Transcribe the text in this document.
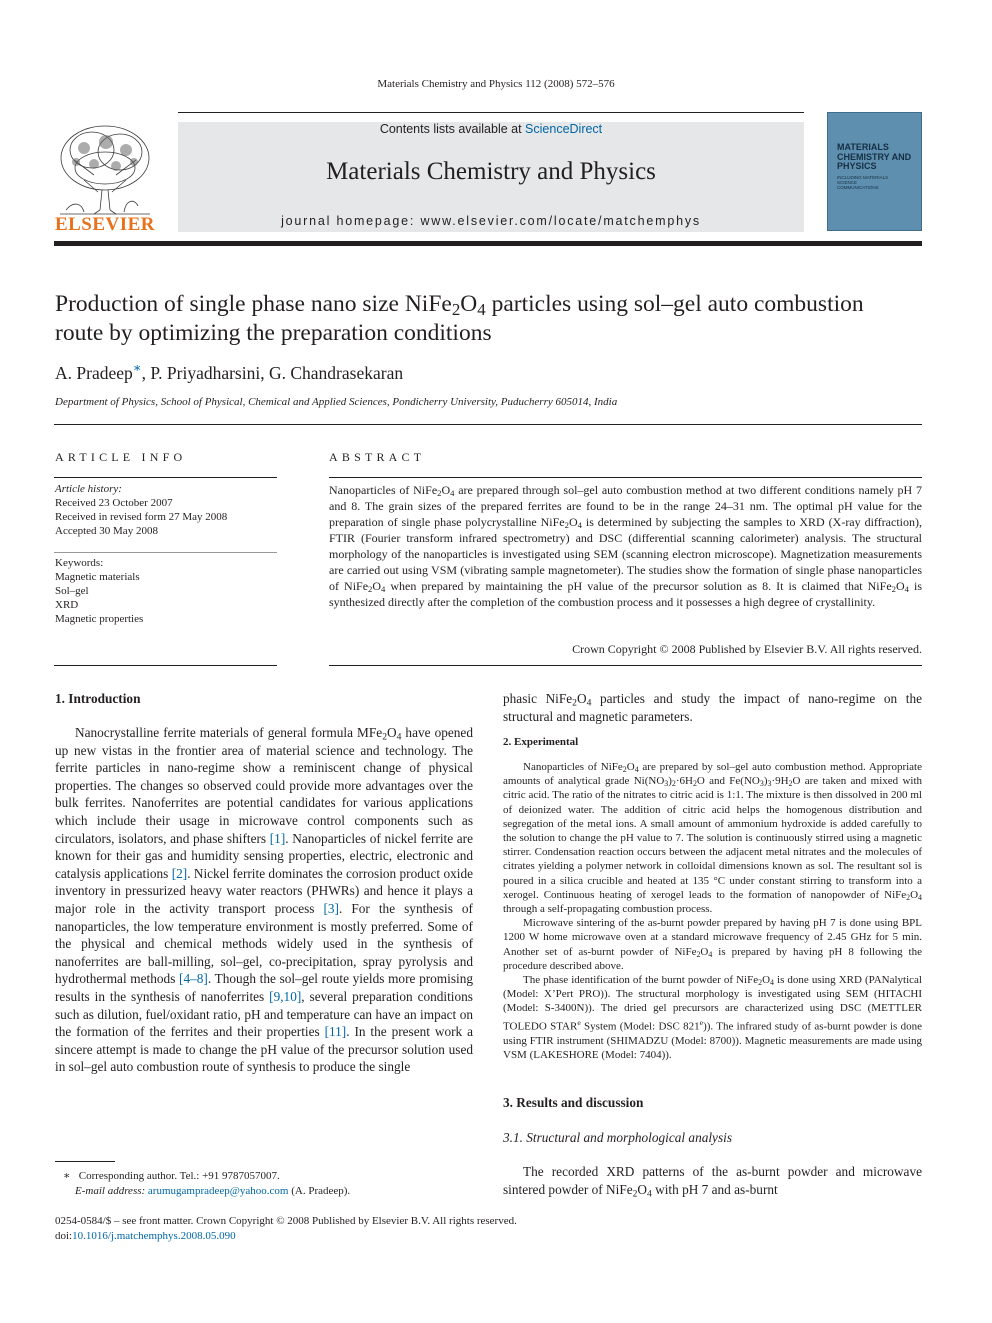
Materials Chemistry and Physics 112 (2008) 572–576
ELSEVIER
Contents lists available at ScienceDirect
Materials Chemistry and Physics
journal homepage: www.elsevier.com/locate/matchemphys
MATERIALS CHEMISTRY AND PHYSICS
INCLUDING MATERIALS SCIENCE COMMUNICATIONS
Production of single phase nano size $NiFe_2O_4$ particles using sol–gel auto combustion route by optimizing the preparation conditions
A. Pradeep∗, P. Priyadharsini, G. Chandrasekaran
Department of Physics, School of Physical, Chemical and Applied Sciences, Pondicherry University, Puducherry 605014, India
ARTICLE INFO	ABSTRACT
Article history:
Received 23 October 2007
Received in revised form 27 May 2008
Accepted 30 May 2008
Keywords:
Magnetic materials
Sol–gel
XRD
Magnetic properties
Nanoparticles of $NiFe_2O_4$ are prepared through sol–gel auto combustion method at two different conditions namely pH 7 and 8. The grain sizes of the prepared ferrites are found to be in the range 24–31 nm. The optimal pH value for the preparation of single phase polycrystalline $NiFe_2O_4$ is determined by subjecting the samples to XRD (X-ray diffraction), FTIR (Fourier transform infrared spectrometry) and DSC (differential scanning calorimeter) analysis. The structural morphology of the nanoparticles is investigated using SEM (scanning electron microscope). Magnetization measurements are carried out using VSM (vibrating sample magnetometer). The studies show the formation of single phase nanoparticles of $NiFe_2O_4$ when prepared by maintaining the pH value of the precursor solution as 8. It is claimed that $NiFe_2O_4$ is synthesized directly after the completion of the combustion process and it possesses a high degree of crystallinity.
Crown Copyright © 2008 Published by Elsevier B.V. All rights reserved.
1. Introduction

Nanocrystalline ferrite materials of general formula $MFe_2O_4$ have opened up new vistas in the frontier area of material science and technology. The ferrite particles in nano-regime show a reminiscent change of physical properties. The changes so observed could provide more advantages over the bulk ferrites. Nanoferrites are potential candidates for various applications which include their usage in microwave control components such as circulators, isolators, and phase shifters [1]. Nanoparticles of nickel ferrite are known for their gas and humidity sensing properties, electric, electronic and catalysis applications [2]. Nickel ferrite dominates the corrosion product oxide inventory in pressurized heavy water reactors (PHWRs) and hence it plays a major role in the activity transport process [3]. For the synthesis of nanoparticles, the low temperature environment is mostly preferred. Some of the physical and chemical methods widely used in the synthesis of nanoferrites are ball-milling, sol–gel, co-precipitation, spray pyrolysis and hydrothermal methods [4–8]. Though the sol–gel route yields more promising results in the synthesis of nanoferrites [9,10], several preparation conditions such as dilution, fuel/oxidant ratio, pH and temperature can have an impact on the formation of the ferrites and their properties [11]. In the present work a sincere attempt is made to change the pH value of the precursor solution used in sol–gel auto combustion route of synthesis to produce the single

phasic $NiFe_2O_4$ particles and study the impact of nano-regime on the structural and magnetic parameters.
2. Experimental

Nanoparticles of $NiFe_2O_4$ are prepared by sol–gel auto combustion method. Appropriate amounts of analytical grade $Ni(NO_3)_2\cdot 6H_2O$ and $Fe(NO_3)_3\cdot 9H_2O$ are taken and mixed with citric acid. The ratio of the nitrates to citric acid is 1:1. The mixture is then dissolved in 200 ml of deionized water. The addition of citric acid helps the homogenous distribution and segregation of the metal ions. A small amount of ammonium hydroxide is added carefully to the solution to change the pH value to 7. The solution is continuously stirred using a magnetic stirrer. Condensation reaction occurs between the adjacent metal nitrates and the molecules of citrates yielding a polymer network in colloidal dimensions known as sol. The resultant sol is poured in a silica crucible and heated at 135 °C under constant stirring to transform into a xerogel. Continuous heating of xerogel leads to the formation of nanopowder of $NiFe_2O_4$ through a self-propagating combustion process.

Microwave sintering of the as-burnt powder prepared by having pH 7 is done using BPL 1200 W home microwave oven at a standard microwave frequency of 2.45 GHz for 5 min. Another set of as-burnt powder of $NiFe_2O_4$ is prepared by having pH 8 following the procedure described above.

The phase identification of the burnt powder of $NiFe_2O_4$ is done using XRD (PANalytical (Model: X’Pert PRO)). The structural morphology is investigated using SEM (HITACHI (Model: S-3400N)). The dried gel precursors are characterized using DSC (METTLER TOLEDO STAR$^e$ System (Model: DSC 821e)). The infrared study of as-burnt powder is done using FTIR instrument (SHIMADZU (Model: 8700)). Magnetic measurements are made using VSM (LAKESHORE (Model: 7404)).

3. Results and discussion
3.1. Structural and morphological analysis

The recorded XRD patterns of the as-burnt powder and microwave sintered powder of $NiFe_2O_4$ with pH 7 and as-burnt

∗ Corresponding author. Tel.: +91 9787057007.
E-mail address: arumugampradeep@yahoo.com (A. Pradeep).
0254-0584/$ – see front matter. Crown Copyright © 2008 Published by Elsevier B.V. All rights reserved.
doi:10.1016/j.matchemphys.2008.05.090
